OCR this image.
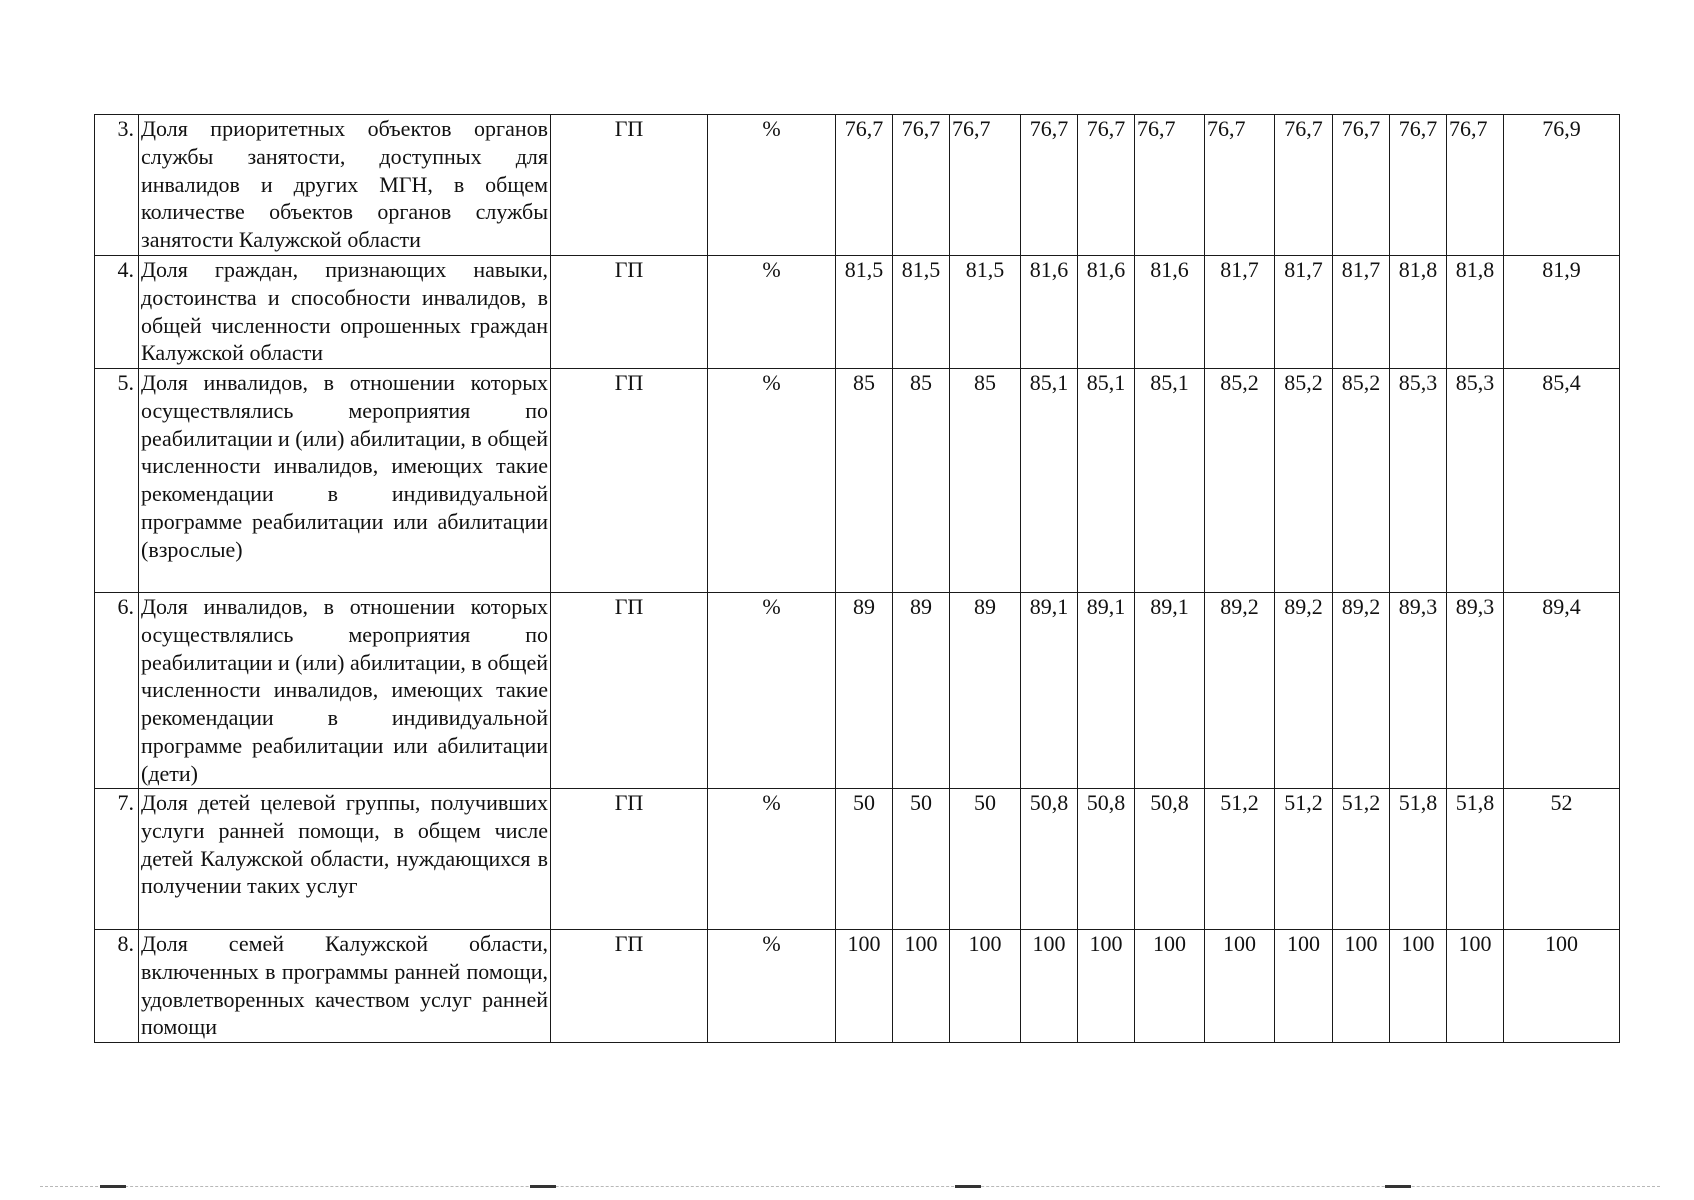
3.	Доля приоритетных объектов органов службы занятости, доступных для инвалидов и других МГН, в общем количестве объектов органов службы занятости Калужской области	ГП	%	76,7	76,7	76,7	76,7	76,7	76,7	76,7	76,7	76,7	76,7	76,7	76,9
4.	Доля граждан, признающих навыки, достоинства и способности инвалидов, в общей численности опрошенных граждан Калужской области	ГП	%	81,5	81,5	81,5	81,6	81,6	81,6	81,7	81,7	81,7	81,8	81,8	81,9
5.	Доля инвалидов, в отношении которых осуществлялись мероприятия по реабилитации и (или) абилитации, в общей численности инвалидов, имеющих такие рекомендации в индивидуальной программе реабилитации или абилитации (взрослые)	ГП	%	85	85	85	85,1	85,1	85,1	85,2	85,2	85,2	85,3	85,3	85,4
6.	Доля инвалидов, в отношении которых осуществлялись мероприятия по реабилитации и (или) абилитации, в общей численности инвалидов, имеющих такие рекомендации в индивидуальной программе реабилитации или абилитации (дети)	ГП	%	89	89	89	89,1	89,1	89,1	89,2	89,2	89,2	89,3	89,3	89,4
7.	Доля детей целевой группы, получивших услуги ранней помощи, в общем числе детей Калужской области, нуждающихся в получении таких услуг	ГП	%	50	50	50	50,8	50,8	50,8	51,2	51,2	51,2	51,8	51,8	52
8.	Доля семей Калужской области, включенных в программы ранней помощи, удовлетворенных качеством услуг ранней помощи	ГП	%	100	100	100	100	100	100	100	100	100	100	100	100
